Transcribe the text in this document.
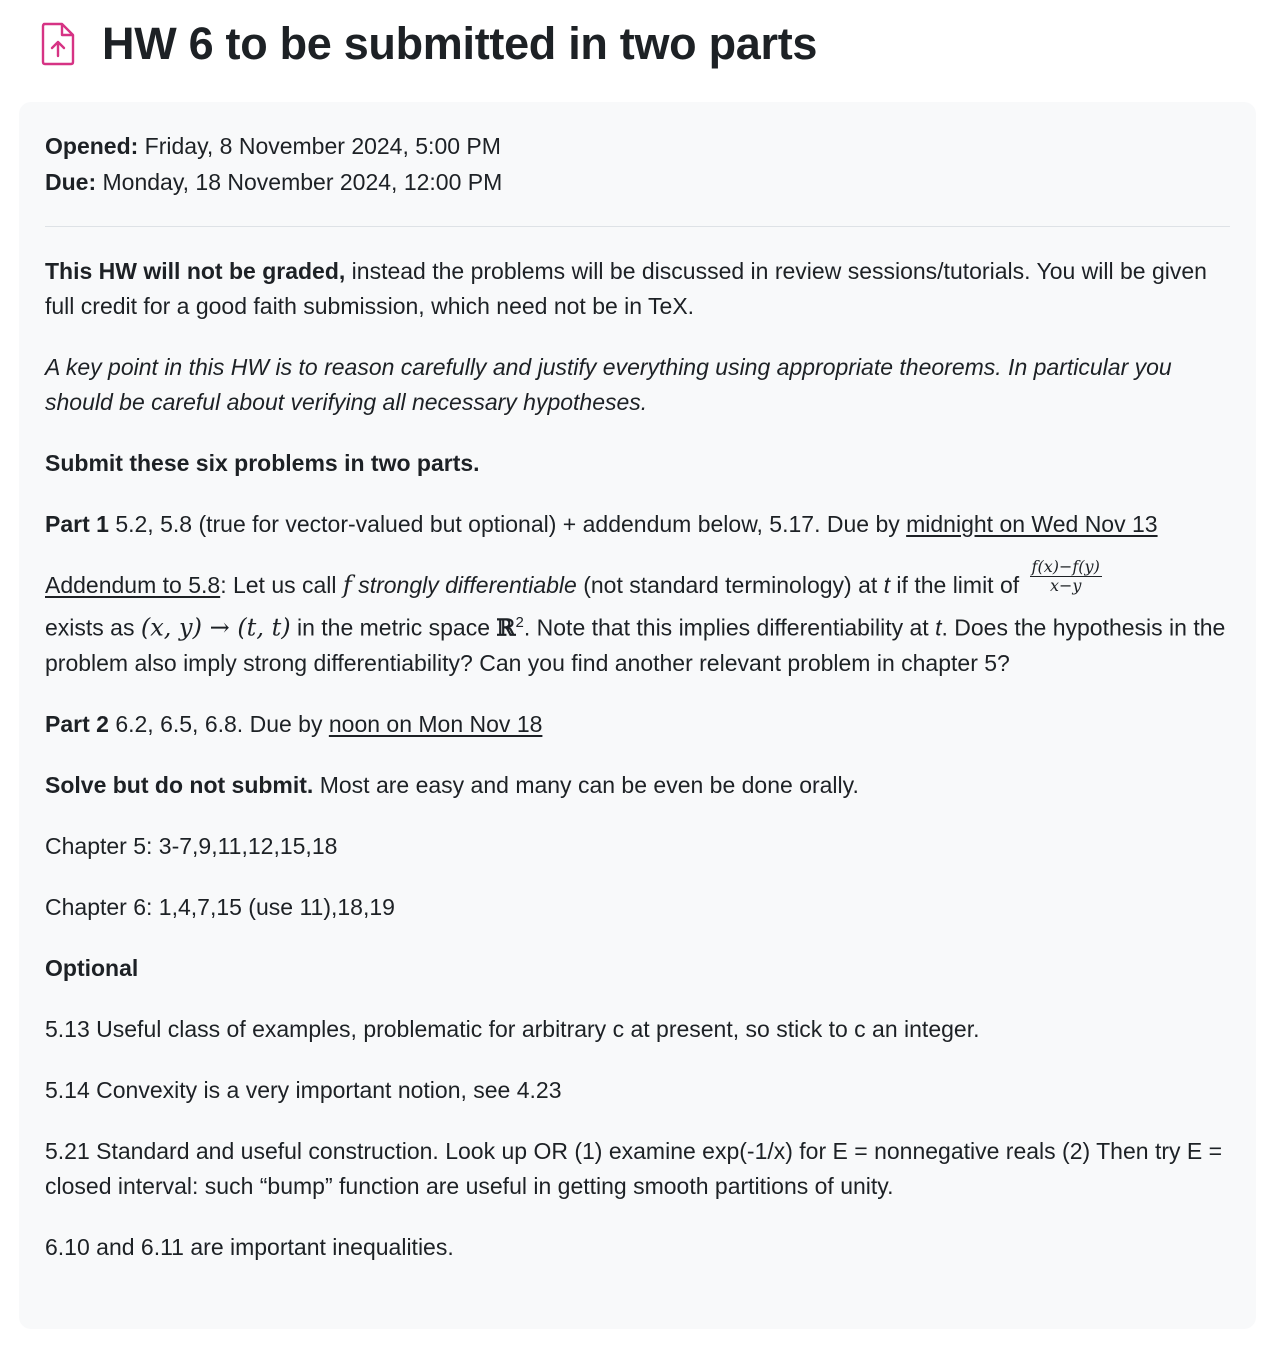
HW 6 to be submitted in two parts
Opened: Friday, 8 November 2024, 5:00 PM
Due: Monday, 18 November 2024, 12:00 PM

This HW will not be graded, instead the problems will be discussed in review sessions/tutorials. You will be given full credit for a good faith submission, which need not be in TeX.

A key point in this HW is to reason carefully and justify everything using appropriate theorems. In particular you should be careful about verifying all necessary hypotheses.

Submit these six problems in two parts.

Part 1 5.2, 5.8 (true for vector-valued but optional) + addendum below, 5.17. Due by midnight on Wed Nov 13

Addendum to 5.8: Let us call f strongly differentiable (not standard terminology) at t if the limit of $\frac{f(x)-f(y)}{x-y}$

exists as (x, y) → (t, t) in the metric space ℝ$^2$. Note that this implies differentiability at t. Does the hypothesis in the problem also imply strong differentiability? Can you find another relevant problem in chapter 5?

Part 2 6.2, 6.5, 6.8. Due by noon on Mon Nov 18

Solve but do not submit. Most are easy and many can be even be done orally.

Chapter 5: 3-7,9,11,12,15,18

Chapter 6: 1,4,7,15 (use 11),18,19

Optional

5.13 Useful class of examples, problematic for arbitrary c at present, so stick to c an integer.

5.14 Convexity is a very important notion, see 4.23

5.21 Standard and useful construction. Look up OR (1) examine exp(-1/x) for E = nonnegative reals (2) Then try E = closed interval: such “bump” function are useful in getting smooth partitions of unity.

6.10 and 6.11 are important inequalities.
